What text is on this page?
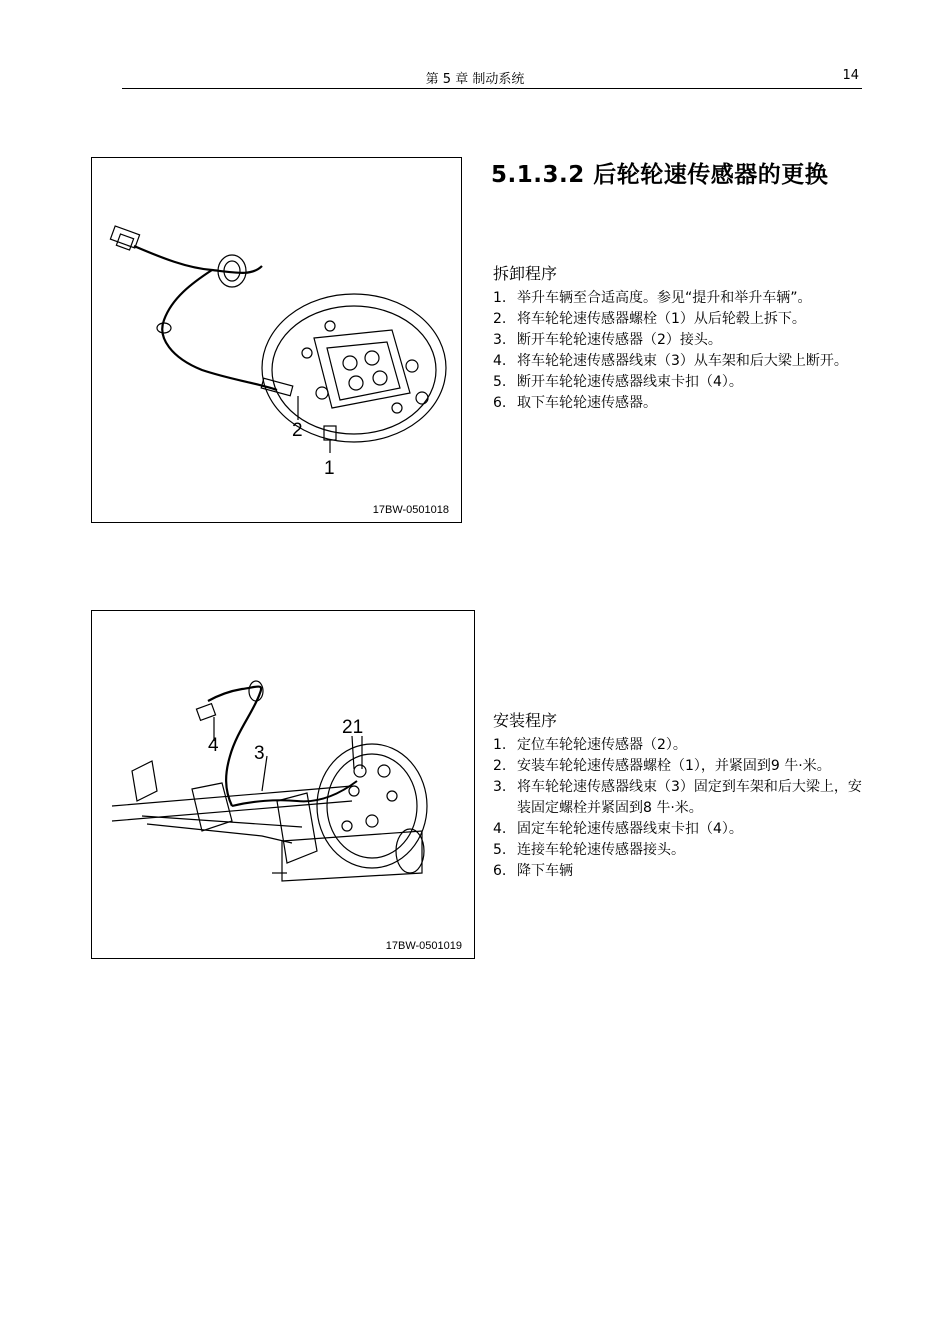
第 5 章 制动系统	14
2
1
17BW-0501018
4 3
21
17BW-0501019
5.1.3.2 后轮轮速传感器的更换
拆卸程序
1. 举升车辆至合适高度。参见“提升和举升车辆”。
2. 将车轮轮速传感器螺栓（1）从后轮毂上拆下。
3. 断开车轮轮速传感器（2）接头。
4. 将车轮轮速传感器线束（3）从车架和后大梁上断开。
5. 断开车轮轮速传感器线束卡扣（4）。
6. 取下车轮轮速传感器。
安装程序
1. 定位车轮轮速传感器（2）。
2. 安装车轮轮速传感器螺栓（1），并紧固到9 牛·米。
3. 将车轮轮速传感器线束（3）固定到车架和后大梁上，安装固定螺栓并紧固到8 牛·米。
4. 固定车轮轮速传感器线束卡扣（4）。
5. 连接车轮轮速传感器接头。
6. 降下车辆
